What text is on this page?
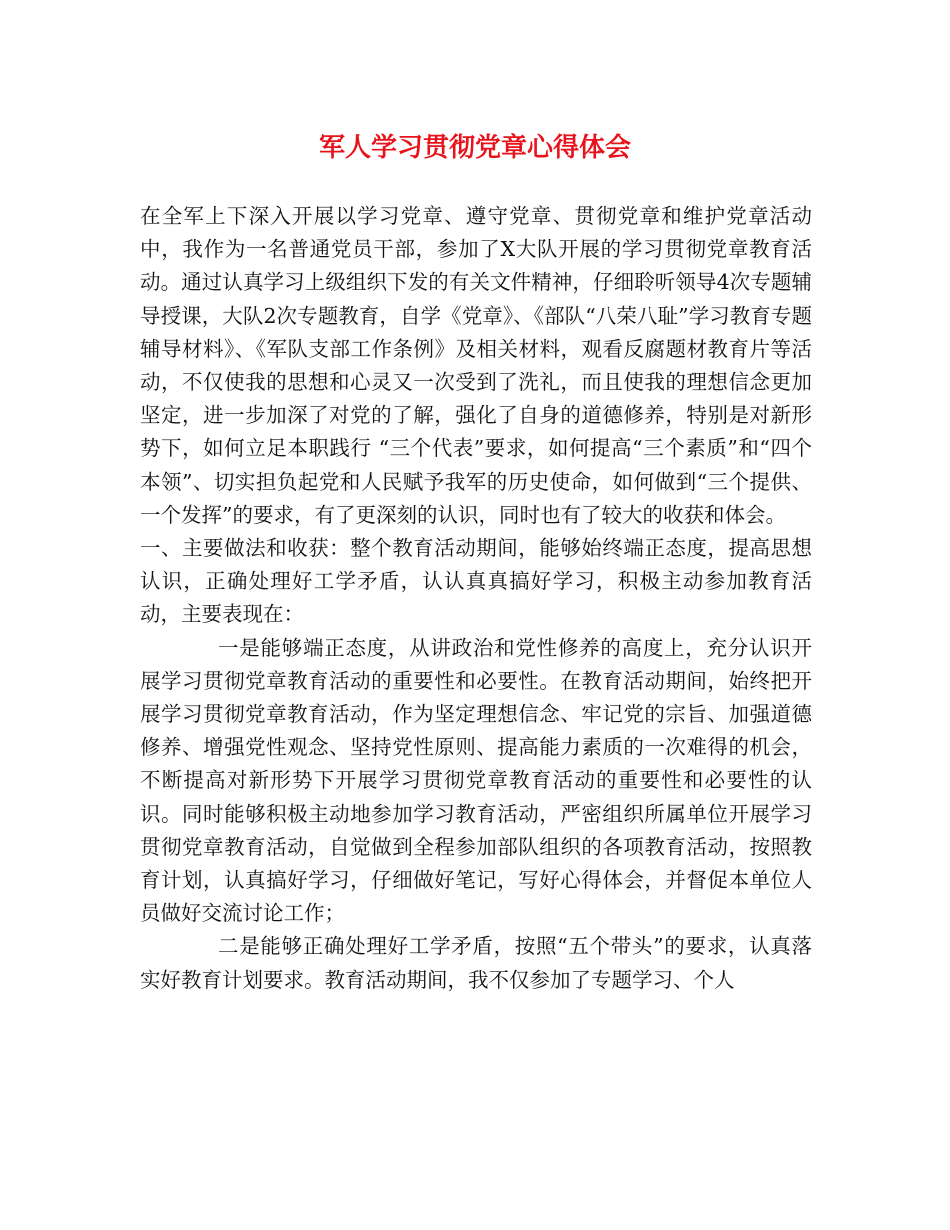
军人学习贯彻党章心得体会

在全军上下深入开展以学习党章、遵守党章、贯彻党章和维护党章活动中，我作为一名普通党员干部，参加了X大队开展的学习贯彻党章教育活动。通过认真学习上级组织下发的有关文件精神，仔细聆听领导4次专题辅导授课，大队2次专题教育，自学《党章》、《部队“八荣八耻”学习教育专题辅导材料》、《军队支部工作条例》及相关材料，观看反腐题材教育片等活动，不仅使我的思想和心灵又一次受到了洗礼，而且使我的理想信念更加坚定，进一步加深了对党的了解，强化了自身的道德修养，特别是对新形势下，如何立足本职践行 “三个代表”要求，如何提高“三个素质”和“四个本领”、切实担负起党和人民赋予我军的历史使命，如何做到“三个提供、一个发挥”的要求，有了更深刻的认识，同时也有了较大的收获和体会。

一、主要做法和收获：整个教育活动期间，能够始终端正态度，提高思想认识，正确处理好工学矛盾，认认真真搞好学习，积极主动参加教育活动，主要表现在：

一是能够端正态度，从讲政治和党性修养的高度上，充分认识开展学习贯彻党章教育活动的重要性和必要性。在教育活动期间，始终把开展学习贯彻党章教育活动，作为坚定理想信念、牢记党的宗旨、加强道德修养、增强党性观念、坚持党性原则、提高能力素质的一次难得的机会，不断提高对新形势下开展学习贯彻党章教育活动的重要性和必要性的认识。同时能够积极主动地参加学习教育活动，严密组织所属单位开展学习贯彻党章教育活动，自觉做到全程参加部队组织的各项教育活动，按照教育计划，认真搞好学习，仔细做好笔记，写好心得体会，并督促本单位人员做好交流讨论工作；

二是能够正确处理好工学矛盾，按照“五个带头”的要求，认真落实好教育计划要求。教育活动期间，我不仅参加了专题学习、个人
